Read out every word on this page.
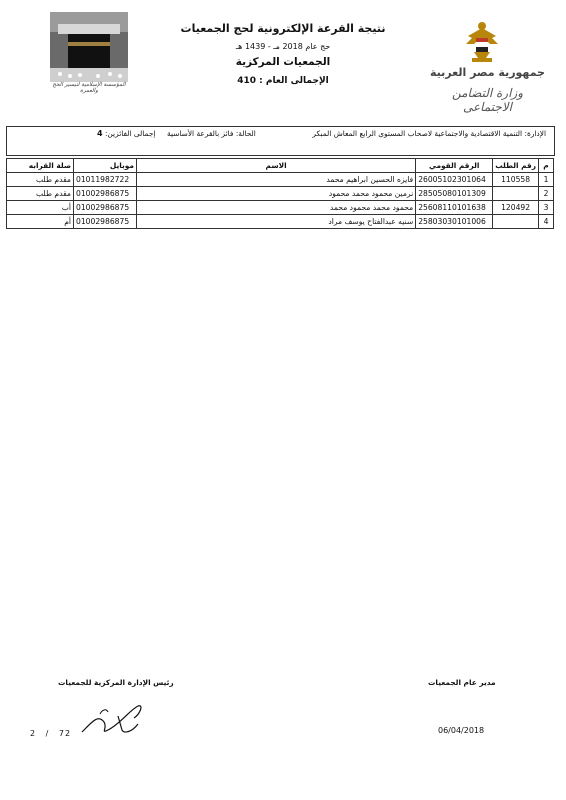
المؤسسة الإسلامية لتيسير الحج والعمرة
نتيجة القرعة الإلكترونية لحج الجمعيات
حج عام 2018 مـ - 1439 هـ
الجمعيات المركزية
الإجمالى العام : 410
جمهورية مصر العربية
وزارة التضامن الاجتماعى
الإدارة: التنمية الاقتصادية والاجتماعية لاصحاب المستوى الرابع المعاش المبكر
الحالة: فائز بالقرعة الأساسية
إجمالى الفائزين: 4
صلة القرابه	موبايل	الاسم	الرقم القومي	رقم الطلب	م
مقدم طلب	01011982722	فايزه الحسين ابراهيم محمد	26005102301064	110558	1
مقدم طلب	01002986875	نرمين محمود محمد محمود	28505080101309		2
أب	01002986875	محمود محمد محمود محمد	25608110101638	120492	3
أم	01002986875	سنيه عبدالفتاح يوسف مراد	25803030101006		4
رئيس الإدارة المركزية للجمعيات	مدير عام الجمعيات
2 / 72	06/04/2018
